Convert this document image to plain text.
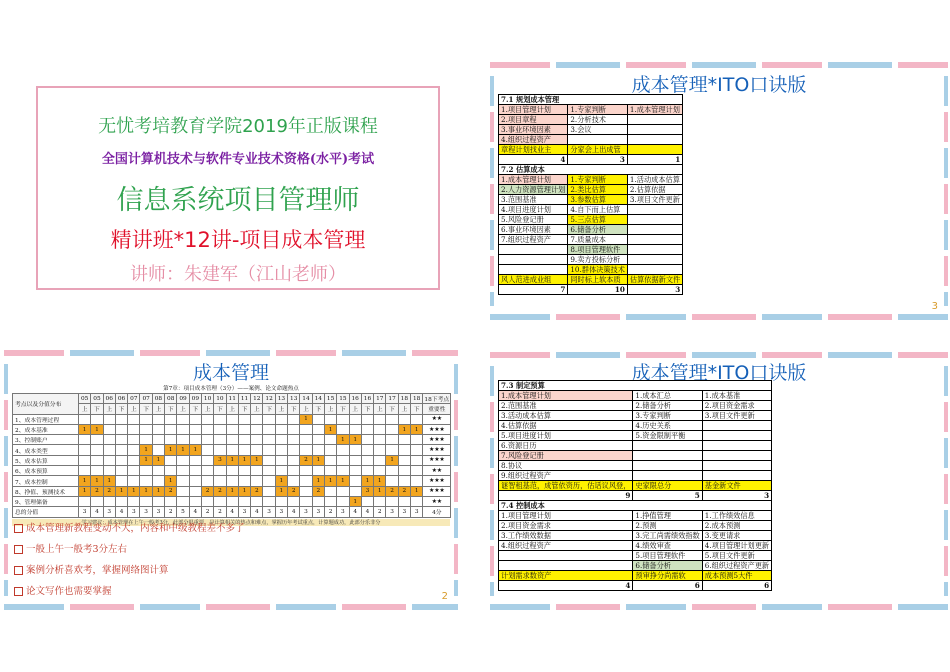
无忧考培教育学院2019年正版课程
全国计算机技术与软件专业技术资格(水平)考试
信息系统项目管理师
精讲班*12讲-项目成本管理
讲师：朱建军（江山老师）
成本管理*ITO口诀版
7.1 规划成本管理		
1.项目管理计划	1.专家判断	1.成本管理计划
2.项目章程	2.分析技术	
3.事业环境因素	3.会议	
4.组织过程资产		
章程计划找业主	分家会上出成管	
4	3	1
7.2 估算成本		
1.成本管理计划	1.专家判断	1.活动成本估算
2.人力资源管理计划	2.类比估算	2.估算依据
3.范围基准	3.参数估算	3.项目文件更新
4.项目进度计划	4.自下而上估算	
5.风险登记册	5.三点估算	
6.事业环境因素	6.储备分析	
7.组织过程资产	7.质量成本	
	8.项目管理软件	
	9.卖方投标分析	
	10.群体决策技术	
风人范进成业组	同时标上软本质	估算依据新文件
7	10	3
3
成本管理
第7章：项目成本管理（3分）——案例、论文命题热点
考点以及分值分布	05	05	06	06	07	07	08	08	09	09	10	10	11	11	12	12	13	13	14	14	15	15	16	16	17	17	18	18	18下考点
	上	下	上	下	上	下	上	下	上	下	上	下	上	下	上	下	上	下	上	下	上	下	上	下	上	下	上	下	重要性
1、成本管理过程																			1										★★
2、成本基准	1	1																			1						1	1	★★★
3、控制账户																						1	1						★★★
4、成本类型						1		1	1	1																			★★★
5、成本估算						1	1					3	1	1	1				2	1						1			★★★
6、成本预算																													★★
7、成本控制	1	1	1					1									1			1	1	1		1	1				★★★
8、挣值、预测技术	1	2	2	1	1	1	1	2			2	2	1	1	2		1	2		2				3	1	2	2	1	★★★
9、管理储备																							1						★★
总的分值	3	4	3	4	3	3	3	2	5	4	2	2	4	3	4	3	3	4	3	3	2	3	4	4	2	3	3	3	4分
学习建议：成本管理在上午一般考3分，此部分很重要，是计算相关的热点和难点，掌握历年考试重点，计算题成功，此部分乐非分
成本管理新教程变动不大，内容和中级教程差不多了
一般上午一般考3分左右
案例分析喜欢考，掌握网络图计算
论文写作也需要掌握	2
成本管理*ITO口诀版
7.3 制定预算		
1.成本管理计划	1.成本汇总	1.成本基准
2.范围基准	2.储备分析	2.项目资金需求
3.活动成本估算	3.专家判断	3.项目文件更新
4.估算依据	4.历史关系	
5.项目进度计划	5.资金限制平衡	
6.资源日历		
7.风险登记册		
8.协议		
9.组织过程资产		
谜智租基范，成管依资历，估话议风登，	史家限总分	基金新文件
9	5	3
7.4 控制成本		
1.项目管理计划	1.挣值管理	1.工作绩效信息
2.项目资金需求	2.预测	2.成本预测
3.工作绩效数据	3.完工尚需绩效指数	3.变更请求
4.组织过程资产	4.绩效审查	4.项目管理计划更新
	5.项目管理软件	5.项目文件更新
	6.储备分析	6.组织过程资产更新
计划需求数资产	预审挣分尚需软	成本预测5大件
4	6	6
